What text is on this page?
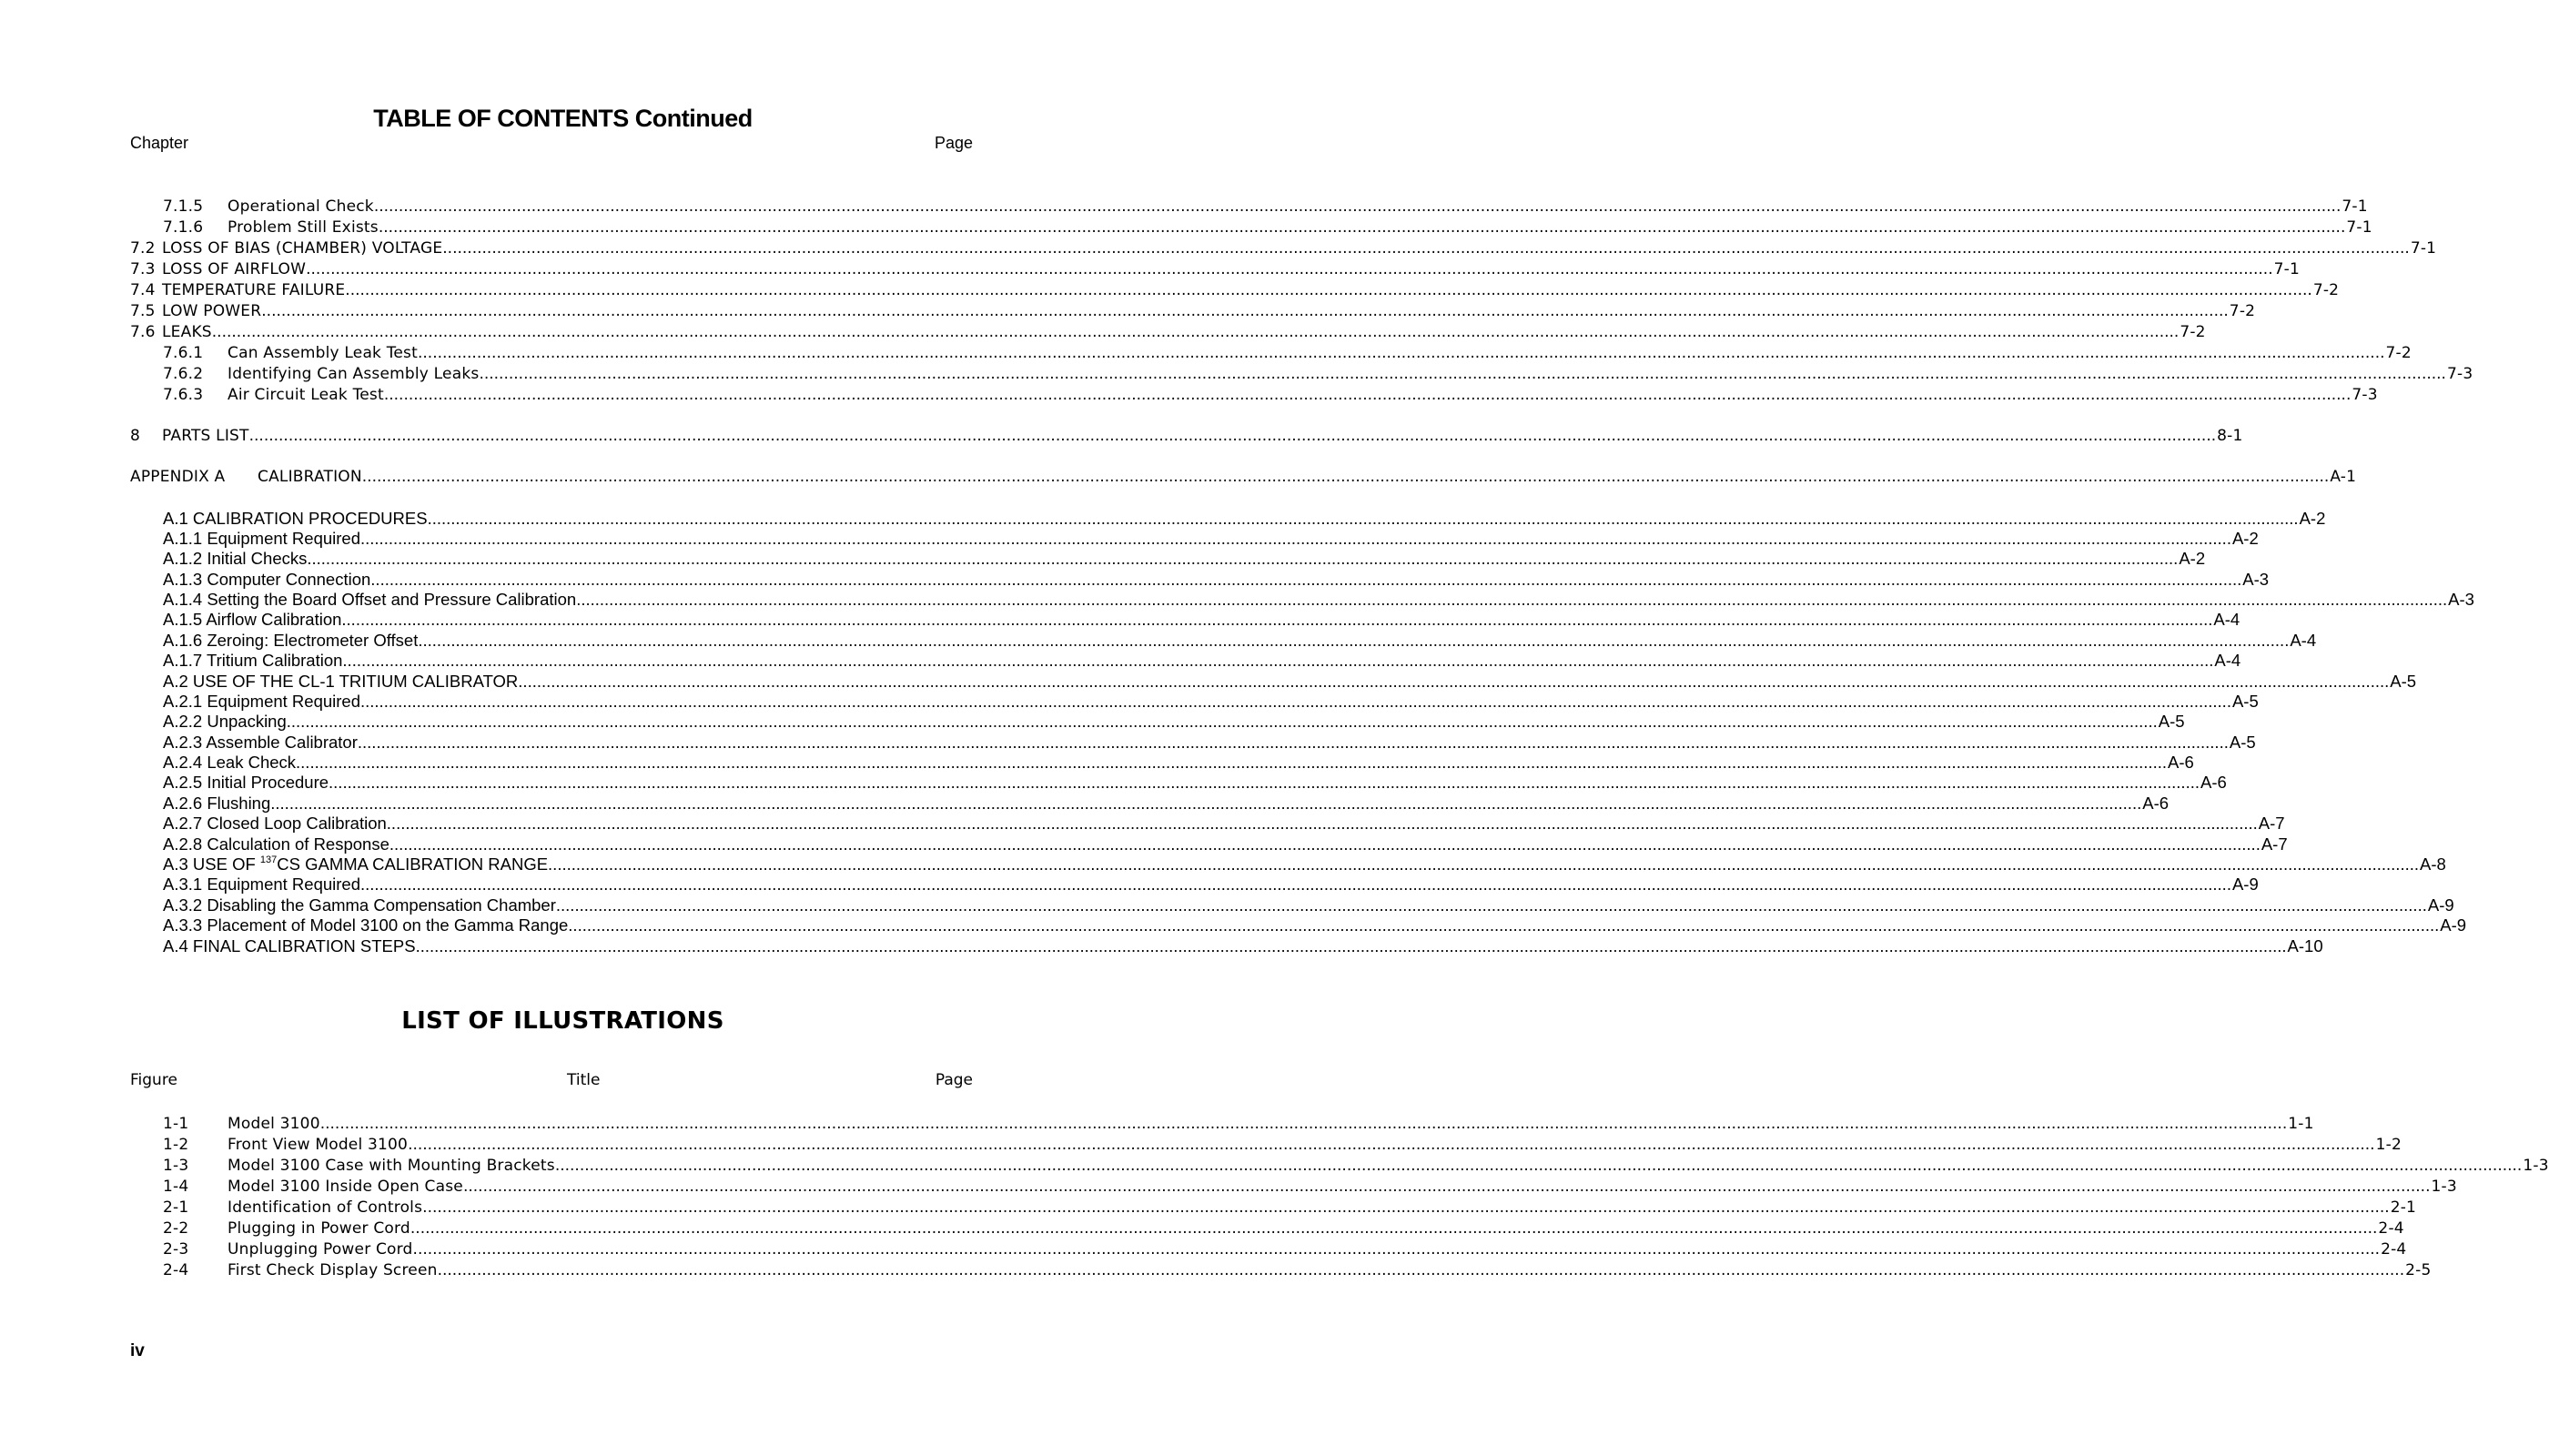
TABLE OF CONTENTS Continued
Chapter	Page
7.1.5	Operational Check ................................................................................................................................................................................................................................................................................................................................................................................................................ 7-1
7.1.6	Problem Still Exists ................................................................................................................................................................................................................................................................................................................................................................................................................ 7-1
7.2 LOSS OF BIAS (CHAMBER) VOLTAGE ................................................................................................................................................................................................................................................................................................................................................................................................................ 7-1
7.3 LOSS OF AIRFLOW ................................................................................................................................................................................................................................................................................................................................................................................................................ 7-1
7.4 TEMPERATURE FAILURE ................................................................................................................................................................................................................................................................................................................................................................................................................ 7-2
7.5 LOW POWER ................................................................................................................................................................................................................................................................................................................................................................................................................ 7-2
7.6 LEAKS ................................................................................................................................................................................................................................................................................................................................................................................................................ 7-2
7.6.1	Can Assembly Leak Test ................................................................................................................................................................................................................................................................................................................................................................................................................ 7-2
7.6.2	Identifying Can Assembly Leaks ................................................................................................................................................................................................................................................................................................................................................................................................................ 7-3
7.6.3	Air Circuit Leak Test ................................................................................................................................................................................................................................................................................................................................................................................................................ 7-3
8	PARTS LIST ................................................................................................................................................................................................................................................................................................................................................................................................................ 8-1
APPENDIX A	CALIBRATION ................................................................................................................................................................................................................................................................................................................................................................................................................ A-1
A.1 CALIBRATION PROCEDURES ................................................................................................................................................................................................................................................................................................................................................................................................................ A-2
A.1.1 Equipment Required ................................................................................................................................................................................................................................................................................................................................................................................................................ A-2
A.1.2 Initial Checks ................................................................................................................................................................................................................................................................................................................................................................................................................ A-2
A.1.3 Computer Connection ................................................................................................................................................................................................................................................................................................................................................................................................................ A-3
A.1.4 Setting the Board Offset and Pressure Calibration ................................................................................................................................................................................................................................................................................................................................................................................................................ A-3
A.1.5 Airflow Calibration ................................................................................................................................................................................................................................................................................................................................................................................................................ A-4
A.1.6 Zeroing: Electrometer Offset ................................................................................................................................................................................................................................................................................................................................................................................................................ A-4
A.1.7 Tritium Calibration ................................................................................................................................................................................................................................................................................................................................................................................................................ A-4
A.2 USE OF THE CL-1 TRITIUM CALIBRATOR ................................................................................................................................................................................................................................................................................................................................................................................................................ A-5
A.2.1 Equipment Required ................................................................................................................................................................................................................................................................................................................................................................................................................ A-5
A.2.2 Unpacking ................................................................................................................................................................................................................................................................................................................................................................................................................ A-5
A.2.3 Assemble Calibrator ................................................................................................................................................................................................................................................................................................................................................................................................................ A-5
A.2.4 Leak Check ................................................................................................................................................................................................................................................................................................................................................................................................................ A-6
A.2.5 Initial Procedure ................................................................................................................................................................................................................................................................................................................................................................................................................ A-6
A.2.6 Flushing ................................................................................................................................................................................................................................................................................................................................................................................................................ A-6
A.2.7 Closed Loop Calibration ................................................................................................................................................................................................................................................................................................................................................................................................................ A-7
A.2.8 Calculation of Response ................................................................................................................................................................................................................................................................................................................................................................................................................ A-7
A.3 USE OF $^{137}$CS GAMMA CALIBRATION RANGE ................................................................................................................................................................................................................................................................................................................................................................................................................ A-8
A.3.1 Equipment Required ................................................................................................................................................................................................................................................................................................................................................................................................................ A-9
A.3.2 Disabling the Gamma Compensation Chamber ................................................................................................................................................................................................................................................................................................................................................................................................................ A-9
A.3.3 Placement of Model 3100 on the Gamma Range ................................................................................................................................................................................................................................................................................................................................................................................................................ A-9
A.4 FINAL CALIBRATION STEPS ................................................................................................................................................................................................................................................................................................................................................................................................................ A-10
LIST OF ILLUSTRATIONS
Figure	Title	Page
1-1	Model 3100 ................................................................................................................................................................................................................................................................................................................................................................................................................ 1-1
1-2	Front View Model 3100 ................................................................................................................................................................................................................................................................................................................................................................................................................ 1-2
1-3	Model 3100 Case with Mounting Brackets ................................................................................................................................................................................................................................................................................................................................................................................................................ 1-3
1-4	Model 3100 Inside Open Case ................................................................................................................................................................................................................................................................................................................................................................................................................ 1-3
2-1	Identification of Controls ................................................................................................................................................................................................................................................................................................................................................................................................................ 2-1
2-2	Plugging in Power Cord ................................................................................................................................................................................................................................................................................................................................................................................................................ 2-4
2-3	Unplugging Power Cord ................................................................................................................................................................................................................................................................................................................................................................................................................ 2-4
2-4	First Check Display Screen ................................................................................................................................................................................................................................................................................................................................................................................................................ 2-5
iv
